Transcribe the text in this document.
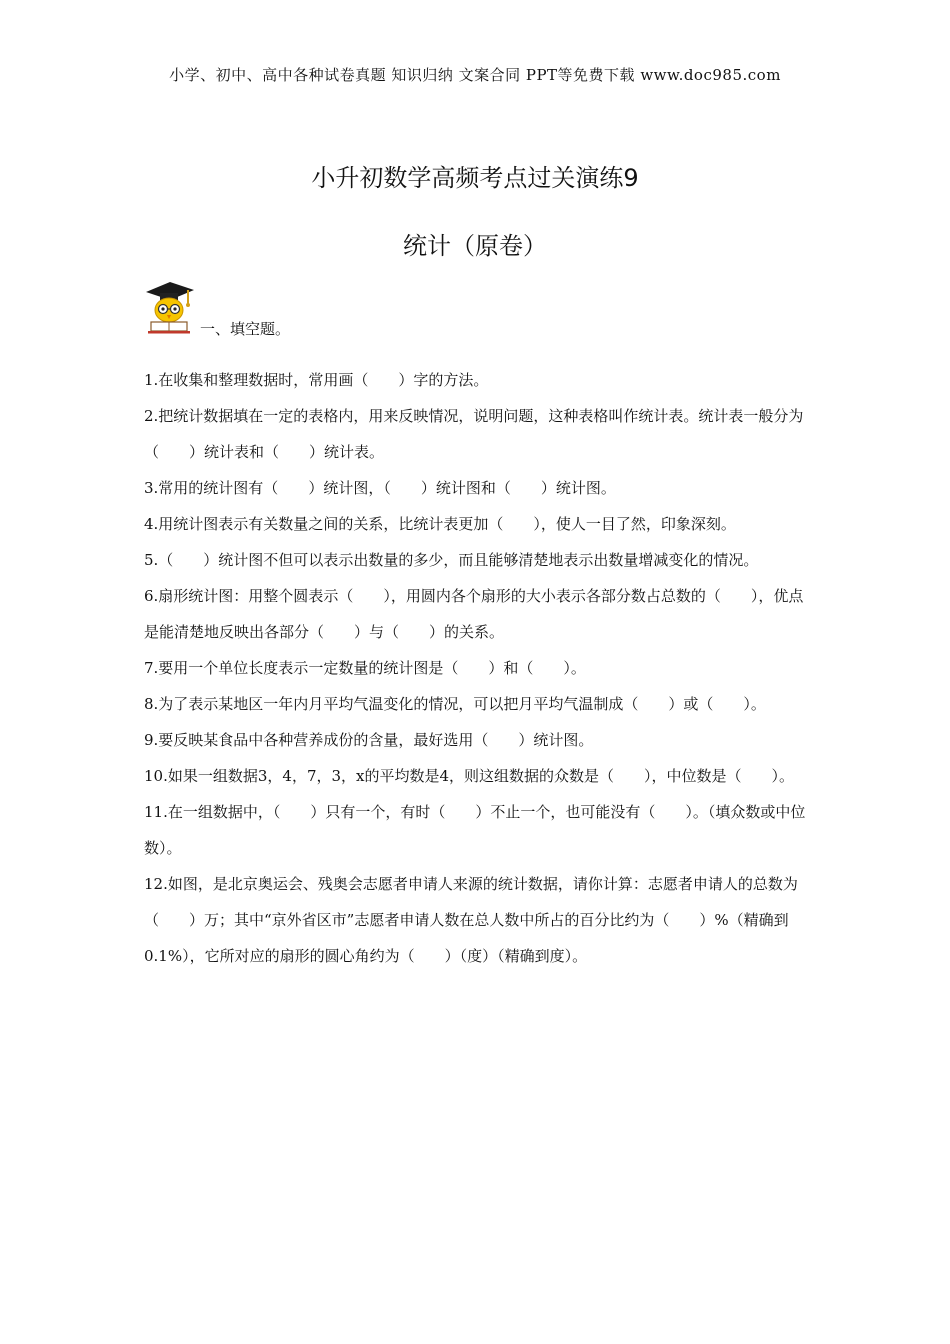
小学、初中、高中各种试卷真题 知识归纳 文案合同 PPT等免费下载 www.doc985.com
小升初数学高频考点过关演练9
统计（原卷）
一、填空题。

1.在收集和整理数据时，常用画（　　）字的方法。

2.把统计数据填在一定的表格内，用来反映情况，说明问题，这种表格叫作统计表。统计表一般分为（　　）统计表和（　　）统计表。

3.常用的统计图有（　　）统计图，（　　）统计图和（　　）统计图。

4.用统计图表示有关数量之间的关系，比统计表更加（　　），使人一目了然，印象深刻。

5.（　　）统计图不但可以表示出数量的多少，而且能够清楚地表示出数量增减变化的情况。

6.扇形统计图：用整个圆表示（　　），用圆内各个扇形的大小表示各部分数占总数的（　　），优点是能清楚地反映出各部分（　　）与（　　）的关系。

7.要用一个单位长度表示一定数量的统计图是（　　）和（　　）。

8.为了表示某地区一年内月平均气温变化的情况，可以把月平均气温制成（　　）或（　　）。

9.要反映某食品中各种营养成份的含量，最好选用（　　）统计图。

10.如果一组数据3，4，7，3，x的平均数是4，则这组数据的众数是（　　），中位数是（　　）。

11.在一组数据中，（　　）只有一个，有时（　　）不止一个，也可能没有（　　）。（填众数或中位数）。

12.如图，是北京奥运会、残奥会志愿者申请人来源的统计数据，请你计算：志愿者申请人的总数为（　　）万；其中“京外省区市”志愿者申请人数在总人数中所占的百分比约为（　　）%（精确到0.1%），它所对应的扇形的圆心角约为（　　）（度）（精确到度）。
